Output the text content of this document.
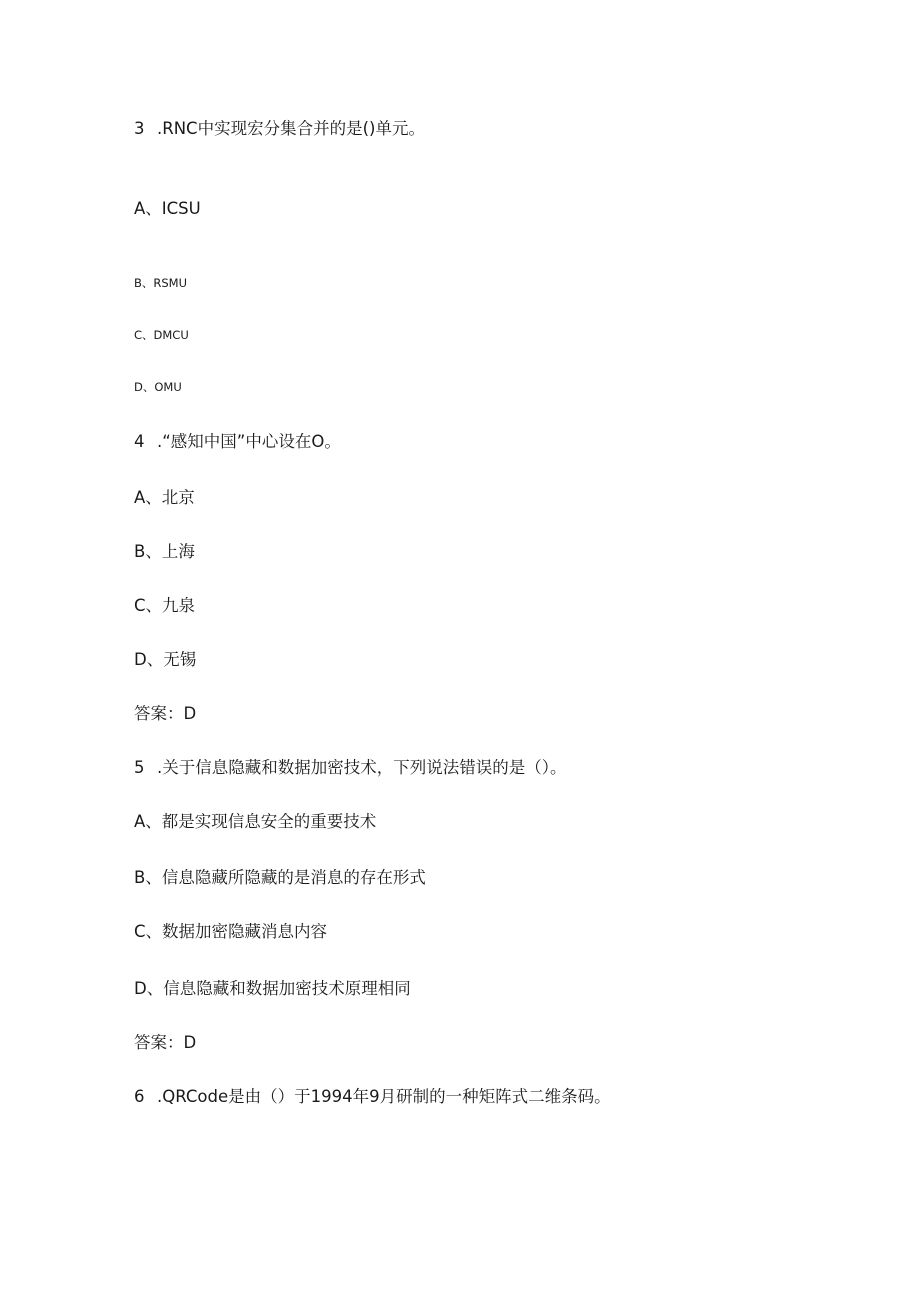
3 .RNC中实现宏分集合并的是()单元。
A、ICSU
B、RSMU
C、DMCU
D、OMU
4 .“感知中国”中心设在O。
A、北京
B、上海
C、九泉
D、无锡
答案：D
5 .关于信息隐藏和数据加密技术，下列说法错误的是（）。
A、都是实现信息安全的重要技术
B、信息隐藏所隐藏的是消息的存在形式
C、数据加密隐藏消息内容
D、信息隐藏和数据加密技术原理相同
答案：D
6 .QRCode是由（）于1994年9月研制的一种矩阵式二维条码。
